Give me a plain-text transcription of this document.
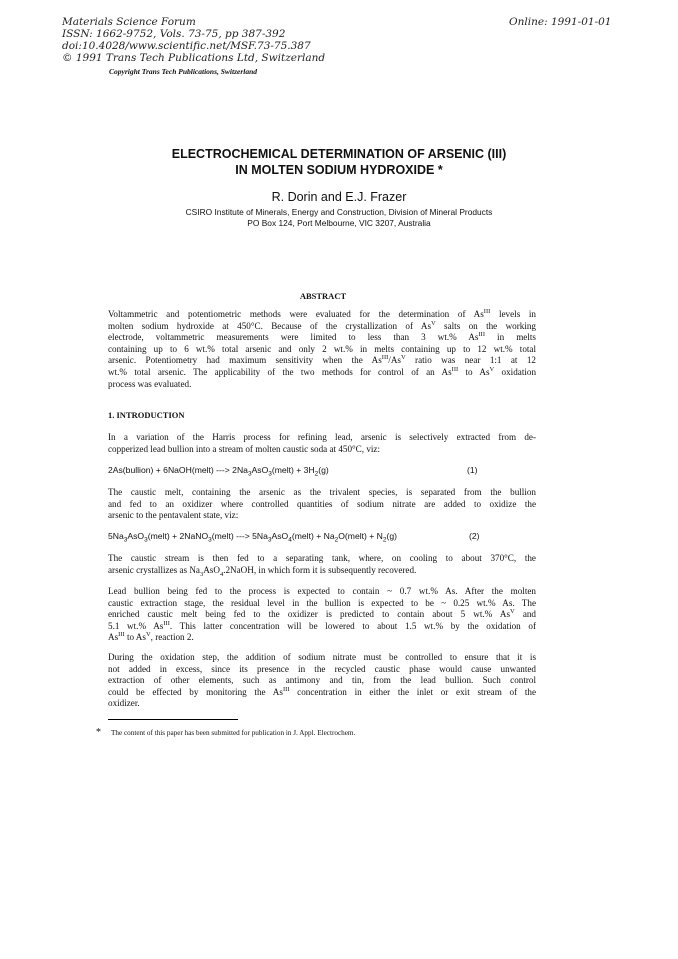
Materials Science Forum
ISSN: 1662-9752, Vols. 73-75, pp 387-392
doi:10.4028/www.scientific.net/MSF.73-75.387
© 1991 Trans Tech Publications Ltd, Switzerland
Online: 1991-01-01
Copyright Trans Tech Publications, Switzerland
ELECTROCHEMICAL DETERMINATION OF ARSENIC (III)
IN MOLTEN SODIUM HYDROXIDE *
R. Dorin and E.J. Frazer
CSIRO Institute of Minerals, Energy and Construction, Division of Mineral Products
PO Box 124, Port Melbourne, VIC 3207, Australia
ABSTRACT
Voltammetric and potentiometric methods were evaluated for the determination of $As^{III}$ levels in
molten sodium hydroxide at 450°C. Because of the crystallization of $As^V$ salts on the working
electrode, voltammetric measurements were limited to less than 3 wt.% $As^{III}$ in melts
containing up to 6 wt.% total arsenic and only 2 wt.% in melts containing up to 12 wt.% total
arsenic. Potentiometry had maximum sensitivity when the $As^{III}/As^V$ ratio was near 1:1 at 12
wt.% total arsenic. The applicability of the two methods for control of an $As^{III}$ to $As^V$ oxidation
process was evaluated.
1. INTRODUCTION
In a variation of the Harris process for refining lead, arsenic is selectively extracted from de-
copperized lead bullion into a stream of molten caustic soda at 450°C, viz:
2As(bullion) + 6NaOH(melt) ---> $2Na_3AsO_3(melt) + 3H_2(g)$	(1)
The caustic melt, containing the arsenic as the trivalent species, is separated from the bullion
and fed to an oxidizer where controlled quantities of sodium nitrate are added to oxidize the
arsenic to the pentavalent state, viz:
$5Na_3AsO_3(melt)$ + 2NaNO$_3$(melt) ---> $5Na_3AsO_4(melt)$ + $Na_2O(melt) + N_2(g)$	(2)
The caustic stream is then fed to a separating tank, where, on cooling to about 370°C, the
arsenic crystallizes as $Na_3AsO_4.2NaOH$, in which form it is subsequently recovered.
Lead bullion being fed to the process is expected to contain ~ 0.7 wt.% As. After the molten
caustic extraction stage, the residual level in the bullion is expected to be ~ 0.25 wt.% As. The
enriched caustic melt being fed to the oxidizer is predicted to contain about 5 wt.% $As^V$ and
5.1 wt.% $As^{III}$. This latter concentration will be lowered to about 1.5 wt.% by the oxidation of
$As^{III}$ to $As^V$, reaction 2.
During the oxidation step, the addition of sodium nitrate must be controlled to ensure that it is
not added in excess, since its presence in the recycled caustic phase would cause unwanted
extraction of other elements, such as antimony and tin, from the lead bullion. Such control
could be effected by monitoring the $As^{III}$ concentration in either the inlet or exit stream of the
oxidizer.
* The content of this paper has been submitted for publication in J. Appl. Electrochem.
